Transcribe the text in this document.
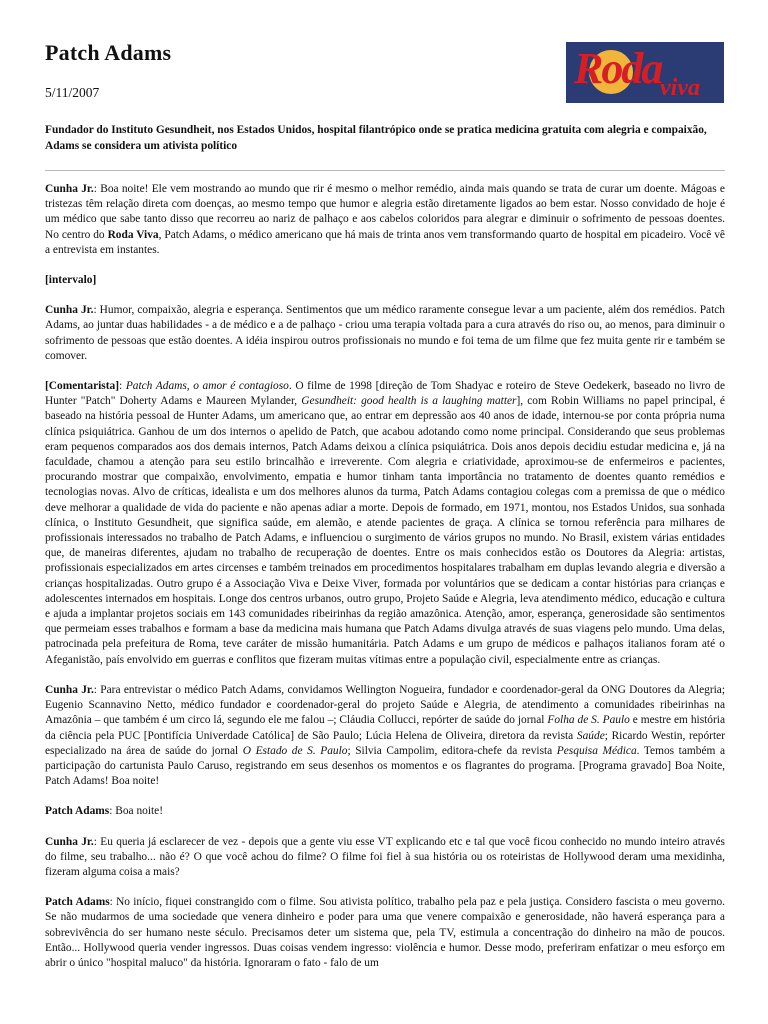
Patch Adams
5/11/2007	Roda
viva

Fundador do Instituto Gesundheit, nos Estados Unidos, hospital filantrópico onde se pratica medicina gratuita com alegria e compaixão, Adams se considera um ativista político

Cunha Jr.: Boa noite! Ele vem mostrando ao mundo que rir é mesmo o melhor remédio, ainda mais quando se trata de curar um doente. Mágoas e tristezas têm relação direta com doenças, ao mesmo tempo que humor e alegria estão diretamente ligados ao bem estar. Nosso convidado de hoje é um médico que sabe tanto disso que recorreu ao nariz de palhaço e aos cabelos coloridos para alegrar e diminuir o sofrimento de pessoas doentes. No centro do Roda Viva, Patch Adams, o médico americano que há mais de trinta anos vem transformando quarto de hospital em picadeiro. Você vê a entrevista em instantes.

[intervalo]

Cunha Jr.: Humor, compaixão, alegria e esperança. Sentimentos que um médico raramente consegue levar a um paciente, além dos remédios. Patch Adams, ao juntar duas habilidades - a de médico e a de palhaço - criou uma terapia voltada para a cura através do riso ou, ao menos, para diminuir o sofrimento de pessoas que estão doentes. A idéia inspirou outros profissionais no mundo e foi tema de um filme que fez muita gente rir e também se comover.

[Comentarista]: Patch Adams, o amor é contagioso. O filme de 1998 [direção de Tom Shadyac e roteiro de Steve Oedekerk, baseado no livro de Hunter "Patch" Doherty Adams e Maureen Mylander, Gesundheit: good health is a laughing matter], com Robin Williams no papel principal, é baseado na história pessoal de Hunter Adams, um americano que, ao entrar em depressão aos 40 anos de idade, internou-se por conta própria numa clínica psiquiátrica. Ganhou de um dos internos o apelido de Patch, que acabou adotando como nome principal. Considerando que seus problemas eram pequenos comparados aos dos demais internos, Patch Adams deixou a clínica psiquiátrica. Dois anos depois decidiu estudar medicina e, já na faculdade, chamou a atenção para seu estilo brincalhão e irreverente. Com alegria e criatividade, aproximou-se de enfermeiros e pacientes, procurando mostrar que compaixão, envolvimento, empatia e humor tinham tanta importância no tratamento de doentes quanto remédios e tecnologias novas. Alvo de críticas, idealista e um dos melhores alunos da turma, Patch Adams contagiou colegas com a premissa de que o médico deve melhorar a qualidade de vida do paciente e não apenas adiar a morte. Depois de formado, em 1971, montou, nos Estados Unidos, sua sonhada clínica, o Instituto Gesundheit, que significa saúde, em alemão, e atende pacientes de graça. A clínica se tornou referência para milhares de profissionais interessados no trabalho de Patch Adams, e influenciou o surgimento de vários grupos no mundo. No Brasil, existem várias entidades que, de maneiras diferentes, ajudam no trabalho de recuperação de doentes. Entre os mais conhecidos estão os Doutores da Alegria: artistas, profissionais especializados em artes circenses e também treinados em procedimentos hospitalares trabalham em duplas levando alegria e diversão a crianças hospitalizadas. Outro grupo é a Associação Viva e Deixe Viver, formada por voluntários que se dedicam a contar histórias para crianças e adolescentes internados em hospitais. Longe dos centros urbanos, outro grupo, Projeto Saúde e Alegria, leva atendimento médico, educação e cultura e ajuda a implantar projetos sociais em 143 comunidades ribeirinhas da região amazônica. Atenção, amor, esperança, generosidade são sentimentos que permeiam esses trabalhos e formam a base da medicina mais humana que Patch Adams divulga através de suas viagens pelo mundo. Uma delas, patrocinada pela prefeitura de Roma, teve caráter de missão humanitária. Patch Adams e um grupo de médicos e palhaços italianos foram até o Afeganistão, país envolvido em guerras e conflitos que fizeram muitas vítimas entre a população civil, especialmente entre as crianças.

Cunha Jr.: Para entrevistar o médico Patch Adams, convidamos Wellington Nogueira, fundador e coordenador-geral da ONG Doutores da Alegria; Eugenio Scannavino Netto, médico fundador e coordenador-geral do projeto Saúde e Alegria, de atendimento a comunidades ribeirinhas na Amazônia – que também é um circo lá, segundo ele me falou –; Cláudia Collucci, repórter de saúde do jornal Folha de S. Paulo e mestre em história da ciência pela PUC [Pontifícia Univerdade Católica] de São Paulo; Lúcia Helena de Oliveira, diretora da revista Saúde; Ricardo Westin, repórter especializado na área de saúde do jornal O Estado de S. Paulo; Silvia Campolim, editora-chefe da revista Pesquisa Médica. Temos também a participação do cartunista Paulo Caruso, registrando em seus desenhos os momentos e os flagrantes do programa. [Programa gravado] Boa Noite, Patch Adams! Boa noite!

Patch Adams: Boa noite!

Cunha Jr.: Eu queria já esclarecer de vez - depois que a gente viu esse VT explicando etc e tal que você ficou conhecido no mundo inteiro através do filme, seu trabalho... não é? O que você achou do filme? O filme foi fiel à sua história ou os roteiristas de Hollywood deram uma mexidinha, fizeram alguma coisa a mais?

Patch Adams: No início, fiquei constrangido com o filme. Sou ativista político, trabalho pela paz e pela justiça. Considero fascista o meu governo. Se não mudarmos de uma sociedade que venera dinheiro e poder para uma que venere compaixão e generosidade, não haverá esperança para a sobrevivência do ser humano neste século. Precisamos deter um sistema que, pela TV, estimula a concentração do dinheiro na mão de poucos. Então... Hollywood queria vender ingressos. Duas coisas vendem ingresso: violência e humor. Desse modo, preferiram enfatizar o meu esforço em abrir o único "hospital maluco" da história. Ignoraram o fato - falo de um
